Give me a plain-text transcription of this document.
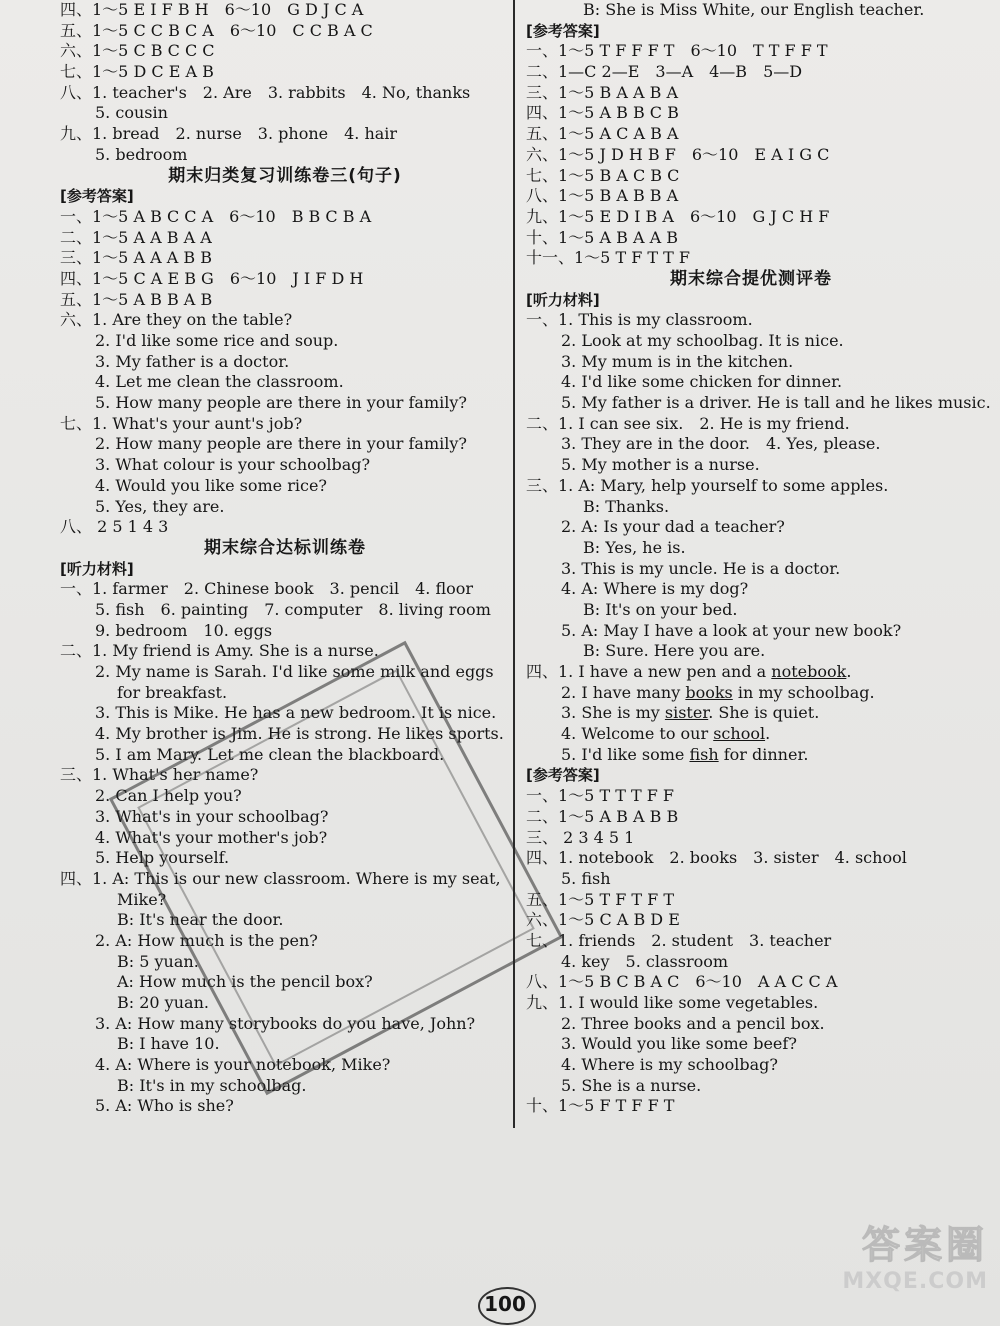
四、1～5 E I F B H　6～10　G D J C A
五、1～5 C C B C A　6～10　C C B A C
六、1～5 C B C C C
七、1～5 D C E A B
八、1. teacher's　2. Are　3. rabbits　4. No, thanks
5. cousin
九、1. bread　2. nurse　3. phone　4. hair
5. bedroom
期末归类复习训练卷三(句子)
[参考答案]
一、1～5 A B C C A　6～10　B B C B A
二、1～5 A A B A A
三、1～5 A A A B B
四、1～5 C A E B G　6～10　J I F D H
五、1～5 A B B A B
六、1. Are they on the table?
2. I'd like some rice and soup.
3. My father is a doctor.
4. Let me clean the classroom.
5. How many people are there in your family?
七、1. What's your aunt's job?
2. How many people are there in your family?
3. What colour is your schoolbag?
4. Would you like some rice?
5. Yes, they are.
八、 2 5 1 4 3
期末综合达标训练卷
[听力材料]
一、1. farmer　2. Chinese book　3. pencil　4. floor
5. fish　6. painting　7. computer　8. living room
9. bedroom　10. eggs
二、1. My friend is Amy. She is a nurse.
2. My name is Sarah. I'd like some milk and eggs
for breakfast.
3. This is Mike. He has a new bedroom. It is nice.
4. My brother is Jim. He is strong. He likes sports.
5. I am Mary. Let me clean the blackboard.
三、1. What's her name?
2. Can I help you?
3. What's in your schoolbag?
4. What's your mother's job?
5. Help yourself.
四、1. A: This is our new classroom. Where is my seat,
Mike?
B: It's near the door.
2. A: How much is the pen?
B: 5 yuan.
A: How much is the pencil box?
B: 20 yuan.
3. A: How many storybooks do you have, John?
B: I have 10.
4. A: Where is your notebook, Mike?
B: It's in my schoolbag.
5. A: Who is she?
B: She is Miss White, our English teacher.
[参考答案]
一、1～5 T F F F T　6～10　T T F F T
二、1—C 2—E　3—A　4—B　5—D
三、1～5 B A A B A
四、1～5 A B B C B
五、1～5 A C A B A
六、1～5 J D H B F　6～10　E A I G C
七、1～5 B A C B C
八、1～5 B A B B A
九、1～5 E D I B A　6～10　G J C H F
十、1～5 A B A A B
十一、1～5 T F T T F
期末综合提优测评卷
[听力材料]
一、1. This is my classroom.
2. Look at my schoolbag. It is nice.
3. My mum is in the kitchen.
4. I'd like some chicken for dinner.
5. My father is a driver. He is tall and he likes music.
二、1. I can see six.　2. He is my friend.
3. They are in the door.　4. Yes, please.
5. My mother is a nurse.
三、1. A: Mary, help yourself to some apples.
B: Thanks.
2. A: Is your dad a teacher?
B: Yes, he is.
3. This is my uncle. He is a doctor.
4. A: Where is my dog?
B: It's on your bed.
5. A: May I have a look at your new book?
B: Sure. Here you are.
四、1. I have a new pen and a notebook.
2. I have many books in my schoolbag.
3. She is my sister. She is quiet.
4. Welcome to our school.
5. I'd like some fish for dinner.
[参考答案]
一、1～5 T T T F F
二、1～5 A B A B B
三、 2 3 4 5 1
四、1. notebook　2. books　3. sister　4. school
5. fish
五、1～5 T F T F T
六、1～5 C A B D E
七、1. friends　2. student　3. teacher
4. key　5. classroom
八、1～5 B C B A C　6～10　A A C C A
九、1. I would like some vegetables.
2. Three books and a pencil box.
3. Would you like some beef?
4. Where is my schoolbag?
5. She is a nurse.
十、1～5 F T F F T
100
答案圈
MXQE.COM
